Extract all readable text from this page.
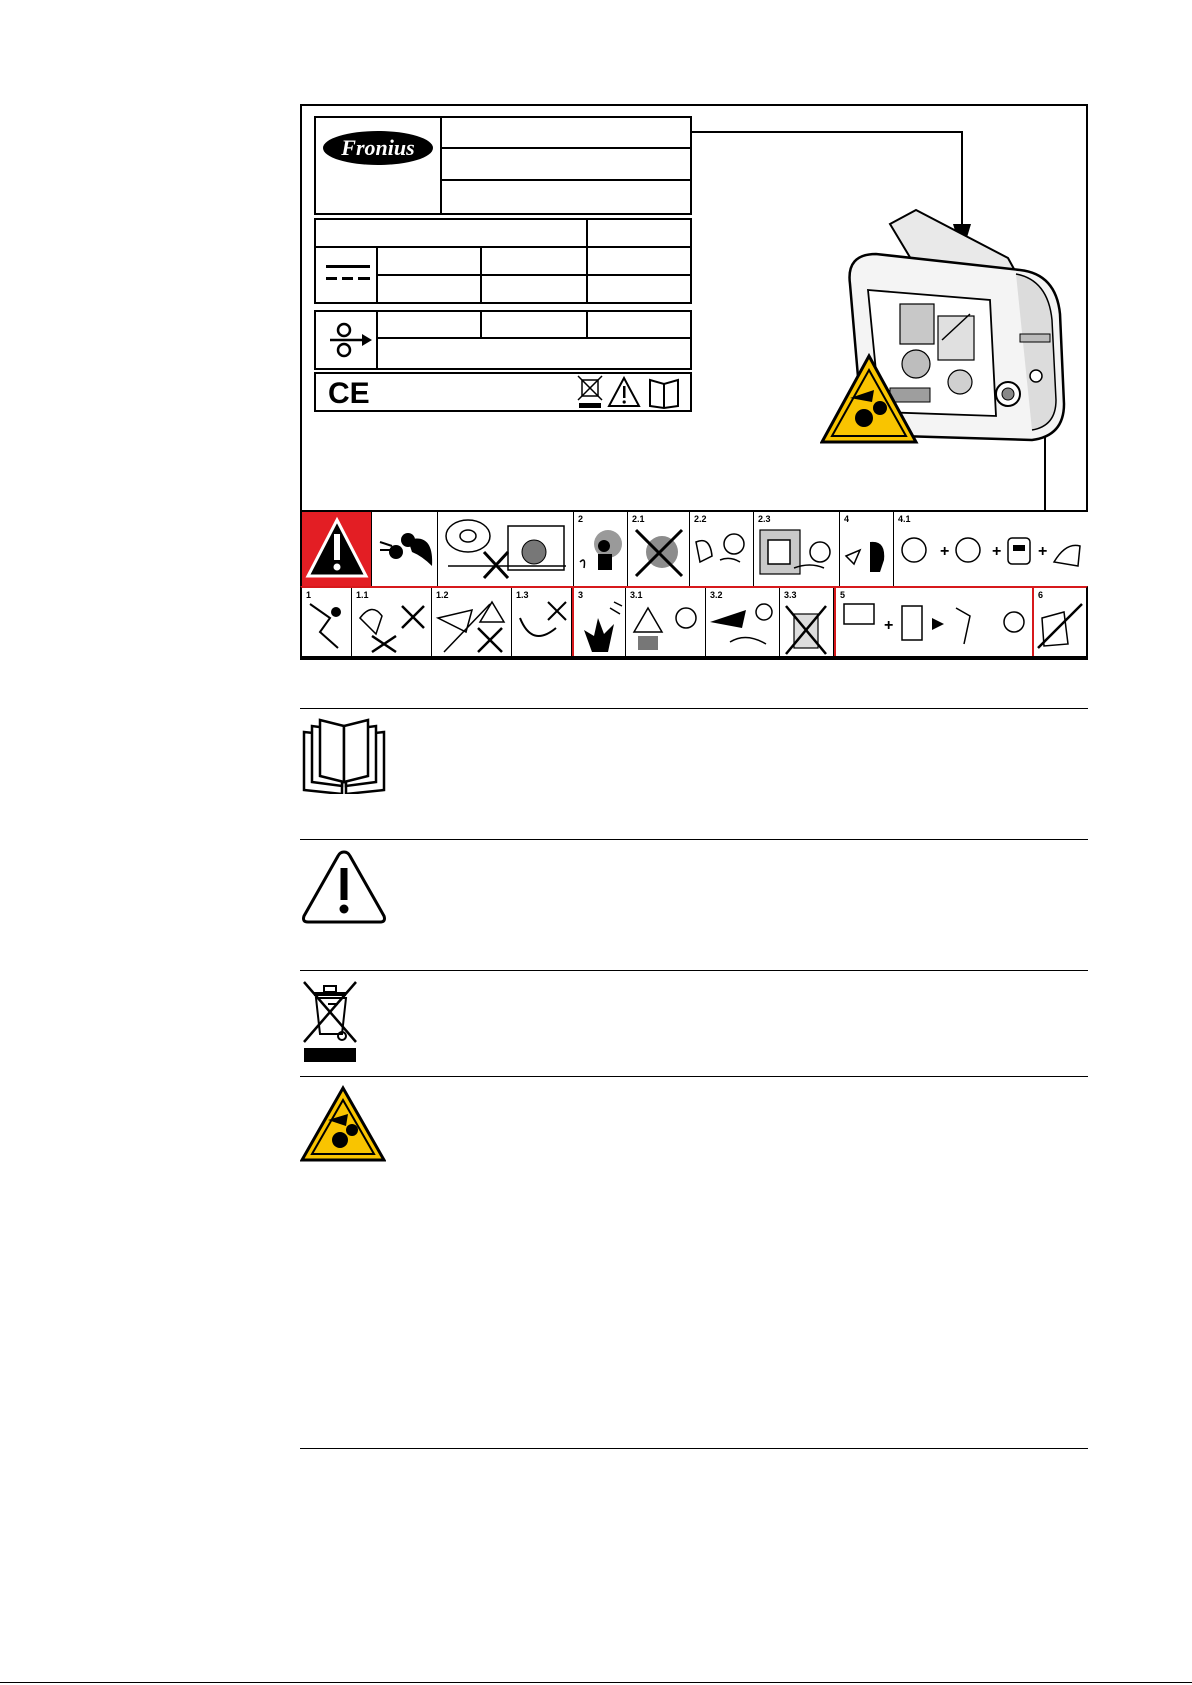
Fronius
CE
2	2.1	2.2	2.3	4	4.1
+	+ +
1	1.1	1.2	1.3	3	3.1	3.2	3.3	5
+
6
